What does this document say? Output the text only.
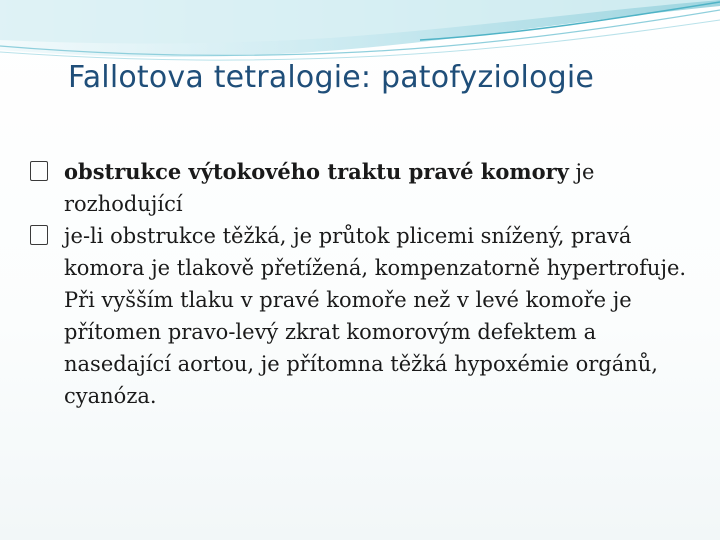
Fallotova tetralogie: patofyziologie

obstrukce výtokového traktu pravé komory je rozhodující

je-li obstrukce těžká, je průtok plicemi snížený, pravá komora je tlakově přetížená, kompenzatorně hypertrofuje. Při vyšším tlaku v pravé komoře než v levé komoře je přítomen pravo-levý zkrat komorovým defektem a nasedající aortou, je přítomna těžká hypoxémie orgánů, cyanóza.
